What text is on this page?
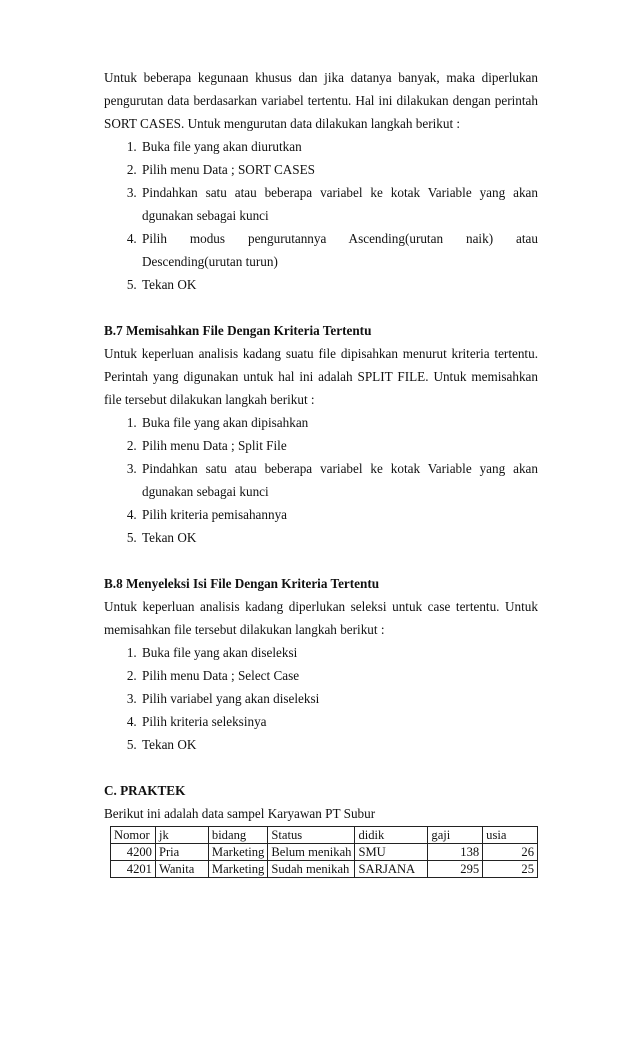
Untuk beberapa kegunaan khusus dan jika datanya banyak, maka diperlukan pengurutan data berdasarkan variabel tertentu. Hal ini dilakukan dengan perintah SORT CASES. Untuk mengurutan data dilakukan langkah berikut :

1. Buka file yang akan diurutkan
2. Pilih menu Data ; SORT CASES
3. Pindahkan satu atau beberapa variabel ke kotak Variable yang akan dgunakan sebagai kunci
4. Pilih modus pengurutannya Ascending(urutan naik) atau Descending(urutan turun)
5. Tekan OK

B.7 Memisahkan File Dengan Kriteria Tertentu

Untuk keperluan analisis kadang suatu file dipisahkan menurut kriteria tertentu. Perintah yang digunakan untuk hal ini adalah SPLIT FILE. Untuk memisahkan file tersebut dilakukan langkah berikut :

1. Buka file yang akan dipisahkan
2. Pilih menu Data ; Split File
3. Pindahkan satu atau beberapa variabel ke kotak Variable yang akan dgunakan sebagai kunci
4. Pilih kriteria pemisahannya
5. Tekan OK

B.8 Menyeleksi Isi File Dengan Kriteria Tertentu

Untuk keperluan analisis kadang diperlukan seleksi untuk case tertentu. Untuk memisahkan file tersebut dilakukan langkah berikut :

1. Buka file yang akan diseleksi
2. Pilih menu Data ; Select Case
3. Pilih variabel yang akan diseleksi
4. Pilih kriteria seleksinya
5. Tekan OK

C. PRAKTEK

Berikut ini adalah data sampel Karyawan PT Subur

Nomor	jk	bidang	Status	didik	gaji	usia
4200	Pria	Marketing	Belum menikah	SMU	138	26
4201	Wanita	Marketing	Sudah menikah	SARJANA	295	25
